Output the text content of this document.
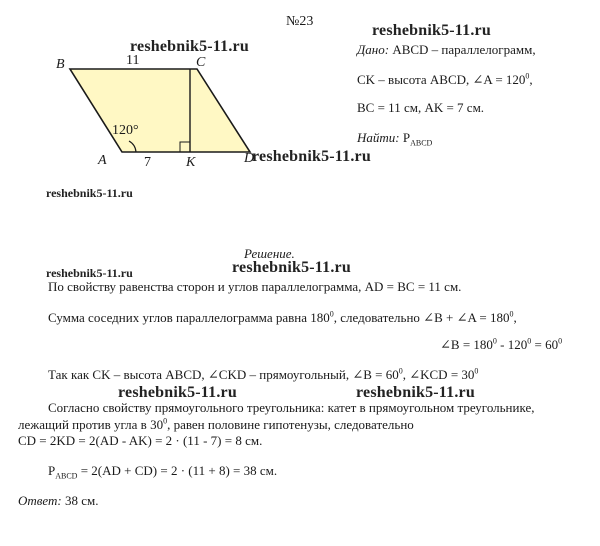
№23
B	C
A	K	D
11
7
120°
reshebnik5-11.ru
reshebnik5-11.ru
reshebnik5-11.ru
reshebnik5-11.ru
reshebnik5-11.ru	reshebnik5-11.ru
reshebnik5-11.ru	reshebnik5-11.ru
Дано: ABCD – параллелограмм,
CK – высота ABCD, ∠A = $120^0$,
BC = 11 см, AK = 7 см.
Найти: $P_{ABCD}$
Решение.
По свойству равенства сторон и углов параллелограмма, AD = BC = 11 см.
Сумма соседних углов параллелограмма равна $180^0$, следовательно ∠B + ∠A = $180^0$,
∠B = $180^0 - 120^0 = 60^0$
Так как CK – высота ABCD, ∠CKD – прямоугольный, ∠B = $60^0$, ∠KCD = $30^0$
Согласно свойству прямоугольного треугольника: катет в прямоугольном треугольнике,
лежащий против угла в $30^0$, равен половине гипотенузы, следовательно
CD = 2KD = 2(AD - AK) = 2 · (11 - 7) = 8 см.
$P_{ABCD} = 2(AD + CD) = 2 \cdot (11 + 8) = 38$ см.
Ответ: 38 см.
